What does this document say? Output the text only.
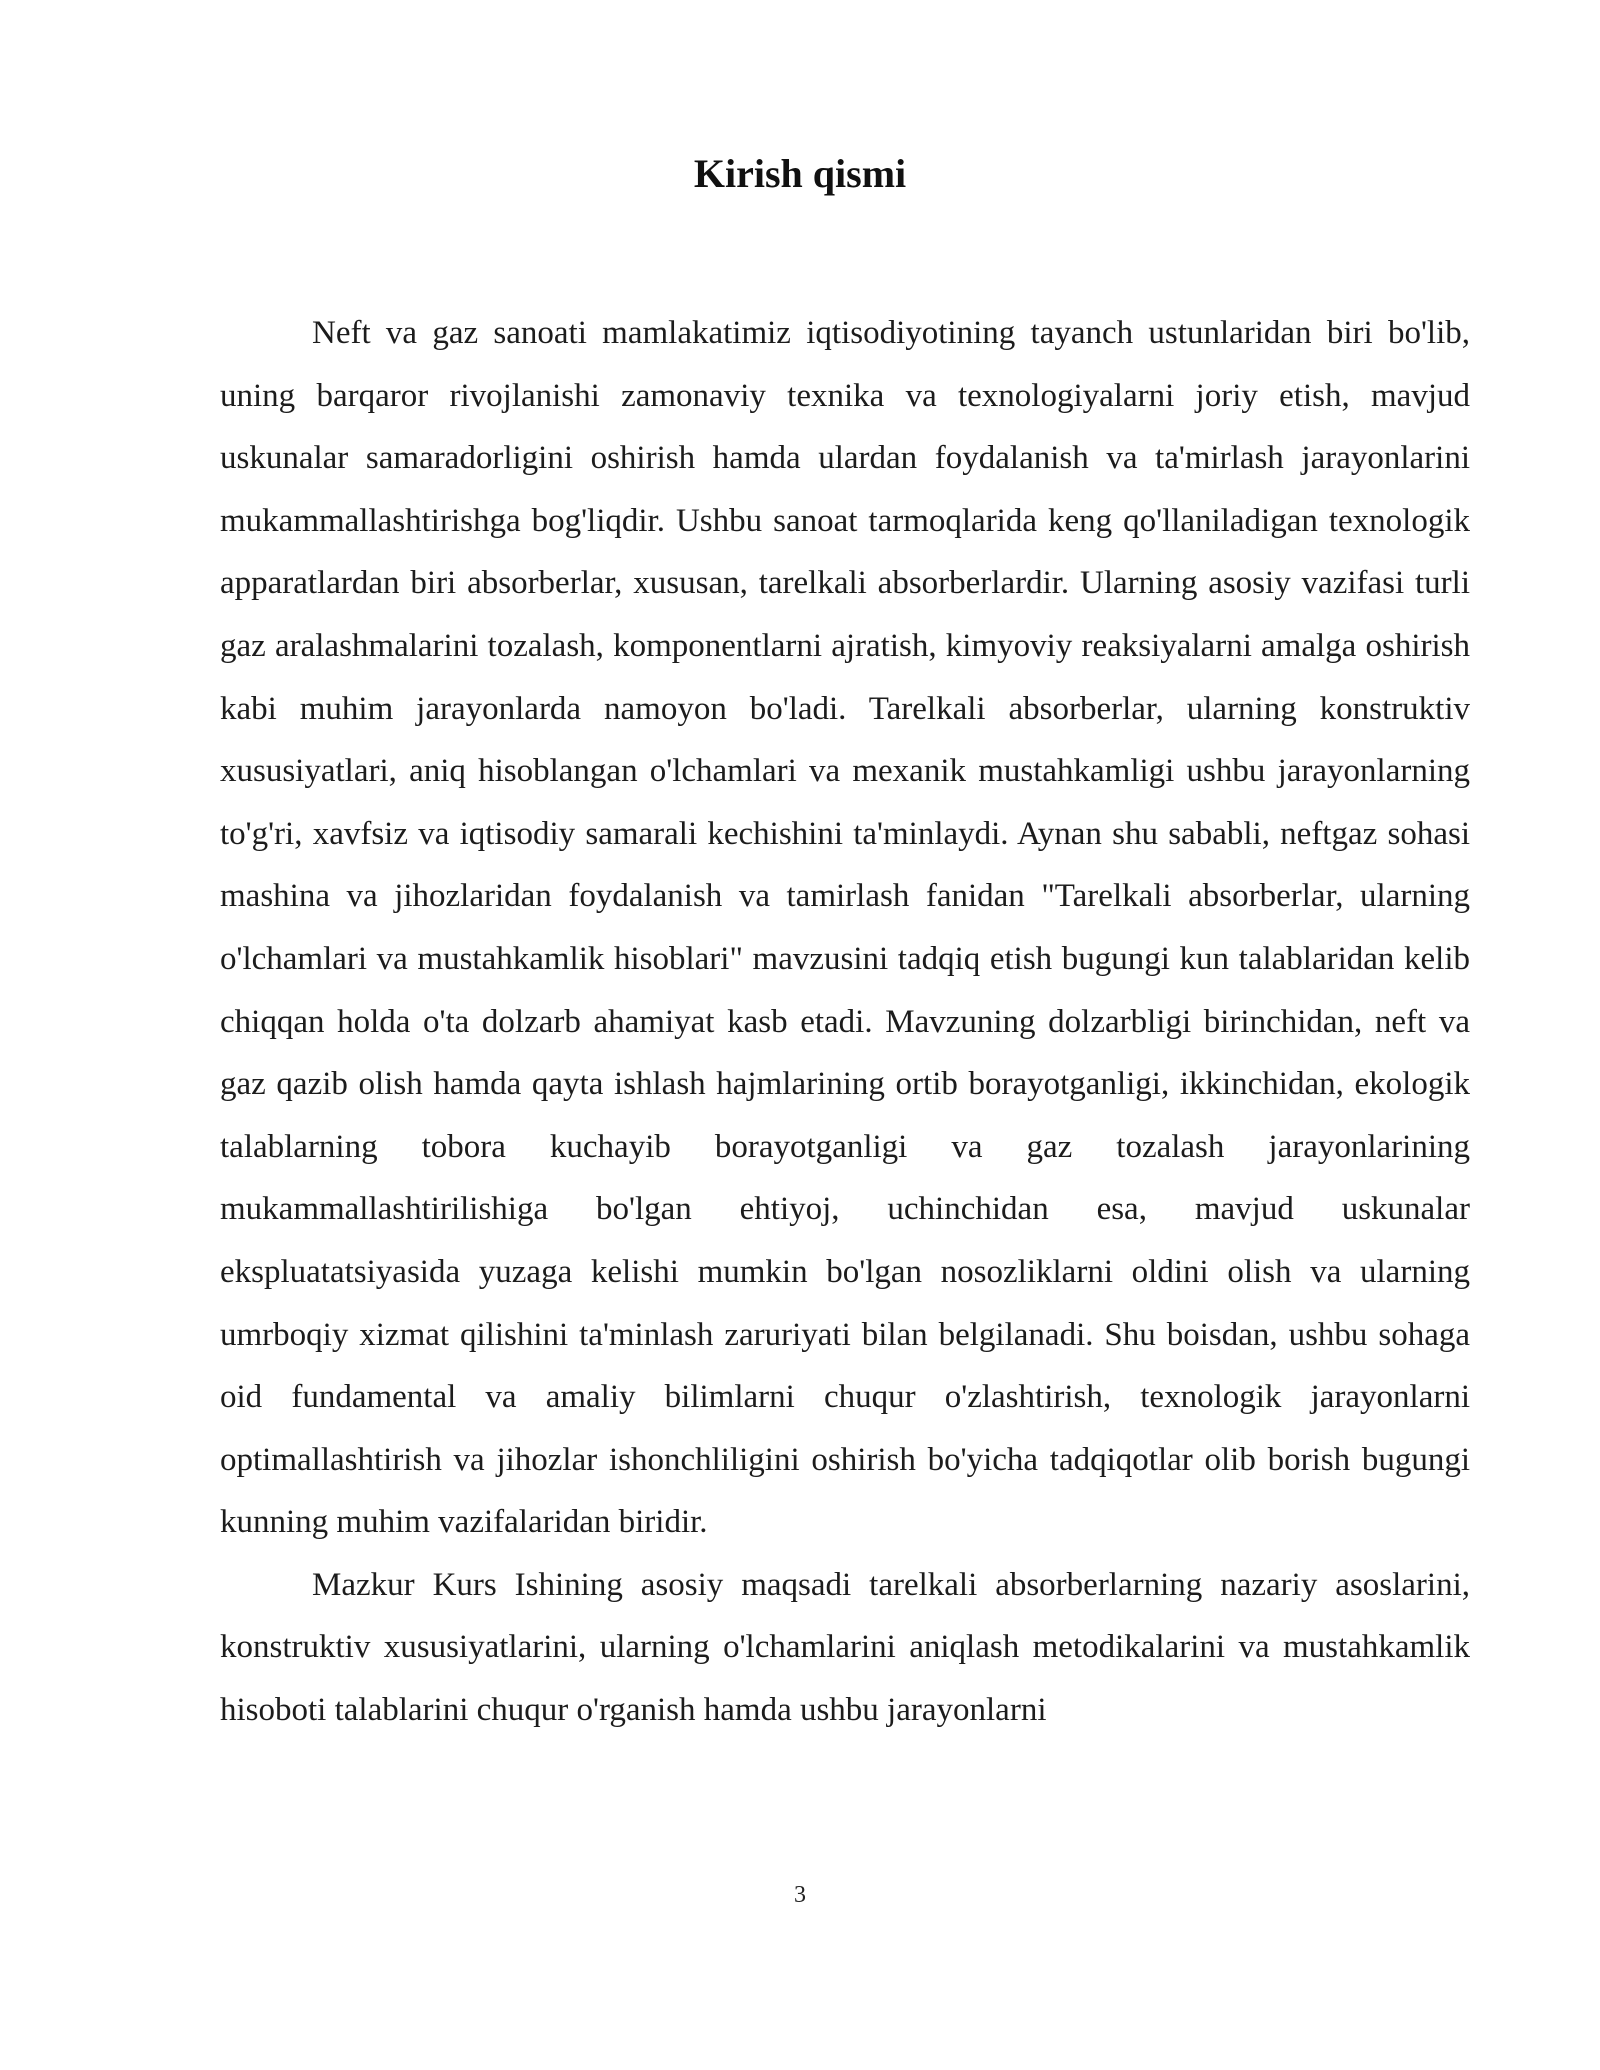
Kirish qismi

Neft va gaz sanoati mamlakatimiz iqtisodiyotining tayanch ustunlaridan biri bo'lib, uning barqaror rivojlanishi zamonaviy texnika va texnologiyalarni joriy etish, mavjud uskunalar samaradorligini oshirish hamda ulardan foydalanish va ta'mirlash jarayonlarini mukammallashtirishga bog'liqdir. Ushbu sanoat tarmoqlarida keng qo'llaniladigan texnologik apparatlardan biri absorberlar, xususan, tarelkali absorberlardir. Ularning asosiy vazifasi turli gaz aralashmalarini tozalash, komponentlarni ajratish, kimyoviy reaksiyalarni amalga oshirish kabi muhim jarayonlarda namoyon bo'ladi. Tarelkali absorberlar, ularning konstruktiv xususiyatlari, aniq hisoblangan o'lchamlari va mexanik mustahkamligi ushbu jarayonlarning to'g'ri, xavfsiz va iqtisodiy samarali kechishini ta'minlaydi. Aynan shu sababli, neftgaz sohasi mashina va jihozlaridan foydalanish va tamirlash fanidan "Tarelkali absorberlar, ularning o'lchamlari va mustahkamlik hisoblari" mavzusini tadqiq etish bugungi kun talablaridan kelib chiqqan holda o'ta dolzarb ahamiyat kasb etadi. Mavzuning dolzarbligi birinchidan, neft va gaz qazib olish hamda qayta ishlash hajmlarining ortib borayotganligi, ikkinchidan, ekologik talablarning tobora kuchayib borayotganligi va gaz tozalash jarayonlarining mukammallashtirilishiga bo'lgan ehtiyoj, uchinchidan esa, mavjud uskunalar ekspluatatsiyasida yuzaga kelishi mumkin bo'lgan nosozliklarni oldini olish va ularning umrboqiy xizmat qilishini ta'minlash zaruriyati bilan belgilanadi. Shu boisdan, ushbu sohaga oid fundamental va amaliy bilimlarni chuqur o'zlashtirish, texnologik jarayonlarni optimallashtirish va jihozlar ishonchliligini oshirish bo'yicha tadqiqotlar olib borish bugungi kunning muhim vazifalaridan biridir.

Mazkur Kurs Ishining asosiy maqsadi tarelkali absorberlarning nazariy asoslarini, konstruktiv xususiyatlarini, ularning o'lchamlarini aniqlash metodikalarini va mustahkamlik hisoboti talablarini chuqur o'rganish hamda ushbu jarayonlarni

3
